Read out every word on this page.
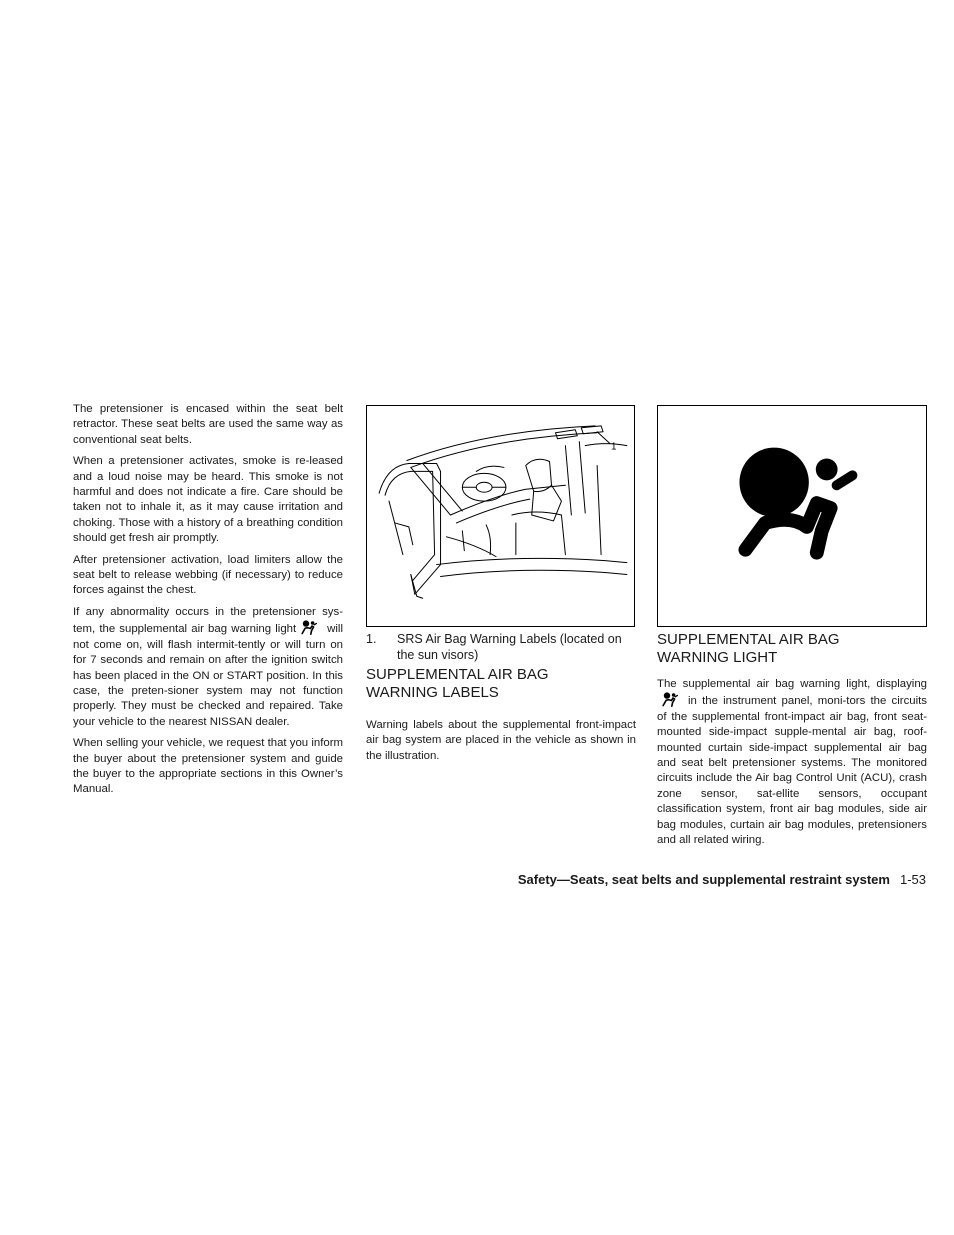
The pretensioner is encased within the seat belt retractor. These seat belts are used the same way as conventional seat belts.

When a pretensioner activates, smoke is re-leased and a loud noise may be heard. This smoke is not harmful and does not indicate a fire. Care should be taken not to inhale it, as it may cause irritation and choking. Those with a history of a breathing condition should get fresh air promptly.

After pretensioner activation, load limiters allow the seat belt to release webbing (if necessary) to reduce forces against the chest.

If any abnormality occurs in the pretensioner sys-tem, the supplemental air bag warning light	will not come on, will flash intermit-tently or will turn on for 7 seconds and remain on after the ignition switch has been placed in the ON or START position. In this case, the preten-sioner system may not function properly. They must be checked and repaired. Take your vehicle to the nearest NISSAN dealer.

When selling your vehicle, we request that you inform the buyer about the pretensioner system and guide the buyer to the appropriate sections in this Owner’s Manual.

1
1.	SRS Air Bag Warning Labels (located on the sun visors)
SUPPLEMENTAL AIR BAG WARNING LABELS

Warning labels about the supplemental front-impact air bag system are placed in the vehicle as shown in the illustration.

SUPPLEMENTAL AIR BAG WARNING LIGHT

The supplemental air bag warning light, displayingin the instrument panel, moni-tors the circuits of the supplemental front-impact air bag, front seat-mounted side-impact supple-mental air bag, roof-mounted curtain side-impact supplemental air bag and seat belt pretensioner systems. The monitored circuits include the Air bag Control Unit (ACU), crash zone sensor, sat-ellite sensors, occupant classification system, front air bag modules, side air bag modules, curtain air bag modules, pretensioners and all related wiring.

Safety—Seats, seat belts and supplemental restraint system 1-53
